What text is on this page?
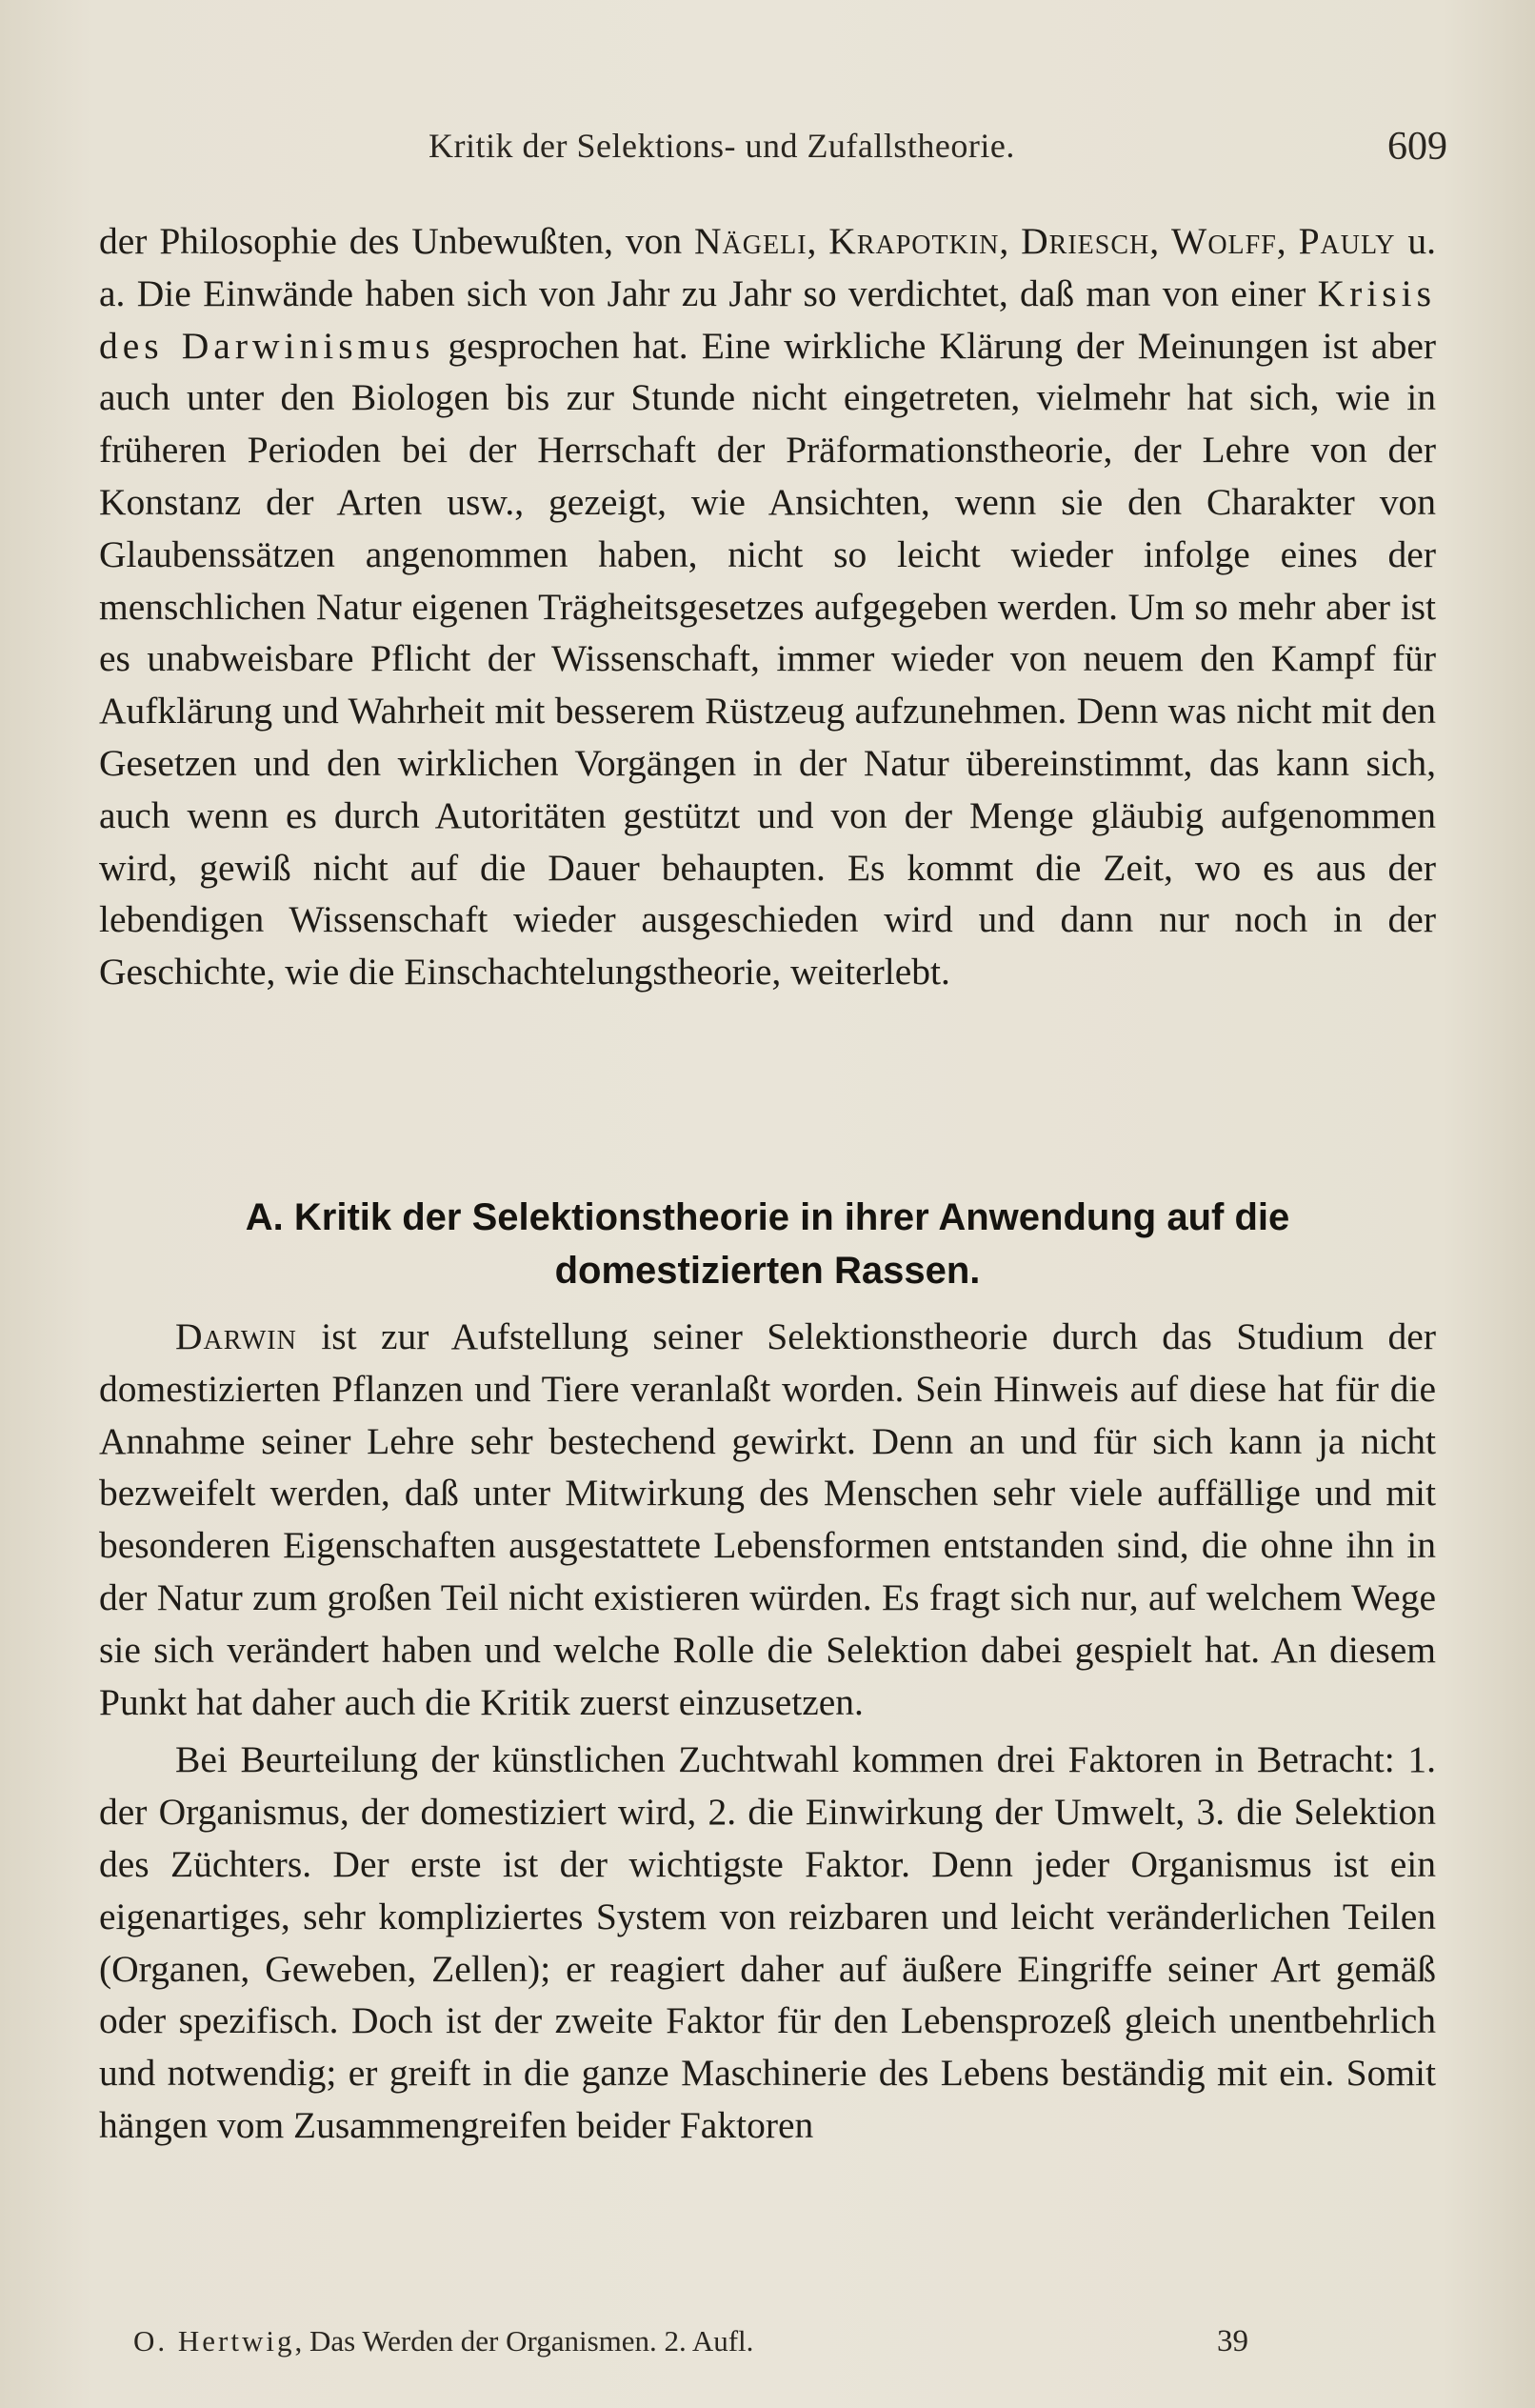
Kritik der Selektions- und Zufallstheorie.	609

der Philosophie des Unbewußten, von Nägeli, Krapotkin, Driesch, Wolff, Pauly u. a. Die Einwände haben sich von Jahr zu Jahr so verdichtet, daß man von einer Krisis des Darwinismus gesprochen hat. Eine wirkliche Klärung der Meinungen ist aber auch unter den Biologen bis zur Stunde nicht eingetreten, vielmehr hat sich, wie in früheren Perioden bei der Herrschaft der Präformationstheorie, der Lehre von der Konstanz der Arten usw., gezeigt, wie Ansichten, wenn sie den Charakter von Glaubenssätzen angenommen haben, nicht so leicht wieder infolge eines der menschlichen Natur eigenen Trägheitsgesetzes aufgegeben werden. Um so mehr aber ist es unabweisbare Pflicht der Wissenschaft, immer wieder von neuem den Kampf für Aufklärung und Wahrheit mit besserem Rüstzeug aufzunehmen. Denn was nicht mit den Gesetzen und den wirklichen Vorgängen in der Natur übereinstimmt, das kann sich, auch wenn es durch Autoritäten gestützt und von der Menge gläubig aufgenommen wird, gewiß nicht auf die Dauer behaupten. Es kommt die Zeit, wo es aus der lebendigen Wissenschaft wieder ausgeschieden wird und dann nur noch in der Geschichte, wie die Einschachtelungstheorie, weiterlebt.

A. Kritik der Selektionstheorie in ihrer Anwendung auf die
domestizierten Rassen.

Darwin ist zur Aufstellung seiner Selektionstheorie durch das Studium der domestizierten Pflanzen und Tiere veranlaßt worden. Sein Hinweis auf diese hat für die Annahme seiner Lehre sehr bestechend gewirkt. Denn an und für sich kann ja nicht bezweifelt werden, daß unter Mitwirkung des Menschen sehr viele auffällige und mit besonderen Eigenschaften ausgestattete Lebensformen entstanden sind, die ohne ihn in der Natur zum großen Teil nicht existieren würden. Es fragt sich nur, auf welchem Wege sie sich verändert haben und welche Rolle die Selektion dabei gespielt hat. An diesem Punkt hat daher auch die Kritik zuerst einzusetzen.

Bei Beurteilung der künstlichen Zuchtwahl kommen drei Faktoren in Betracht: 1. der Organismus, der domestiziert wird, 2. die Einwirkung der Umwelt, 3. die Selektion des Züchters. Der erste ist der wichtigste Faktor. Denn jeder Organismus ist ein eigenartiges, sehr kompliziertes System von reizbaren und leicht veränderlichen Teilen (Organen, Geweben, Zellen); er reagiert daher auf äußere Eingriffe seiner Art gemäß oder spezifisch. Doch ist der zweite Faktor für den Lebensprozeß gleich unentbehrlich und notwendig; er greift in die ganze Maschinerie des Lebens beständig mit ein. Somit hängen vom Zusammengreifen beider Faktoren

O. Hertwig, Das Werden der Organismen. 2. Aufl.	39
